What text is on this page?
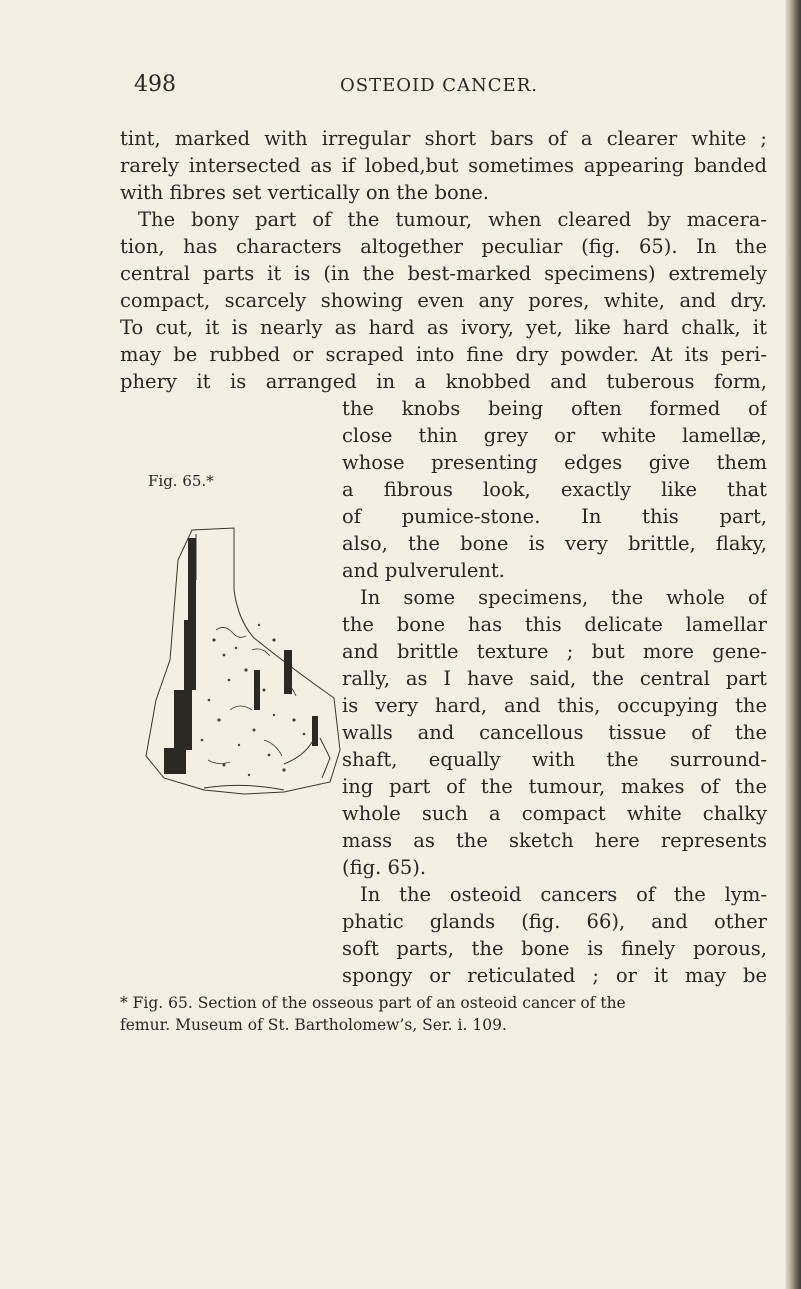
498	OSTEOID CANCER.
tint, marked with irregular short bars of a clearer white ;
rarely intersected as if lobed,but sometimes appearing banded
with fibres set vertically on the bone.
The bony part of the tumour, when cleared by macera-
tion, has characters altogether peculiar (fig. 65). In the
central parts it is (in the best-marked specimens) extremely
compact, scarcely showing even any pores, white, and dry.
To cut, it is nearly as hard as ivory, yet, like hard chalk, it
may be rubbed or scraped into fine dry powder. At its peri-
phery it is arranged in a knobbed and tuberous form,
the knobs being often formed of
close thin grey or white lamellæ,
whose presenting edges give them
a fibrous look, exactly like that
of pumice-stone. In this part,
also, the bone is very brittle, flaky,
and pulverulent.
In some specimens, the whole of
the bone has this delicate lamellar
and brittle texture ; but more gene-
rally, as I have said, the central part
is very hard, and this, occupying the
walls and cancellous tissue of the
shaft, equally with the surround-
ing part of the tumour, makes of the
whole such a compact white chalky
mass as the sketch here represents
(fig. 65).
In the osteoid cancers of the lym-
phatic glands (fig. 66), and other
soft parts, the bone is finely porous,
spongy or reticulated ; or it may be
Fig. 65.*
* Fig. 65. Section of the osseous part of an osteoid cancer of the
femur. Museum of St. Bartholomew’s, Ser. i. 109.
